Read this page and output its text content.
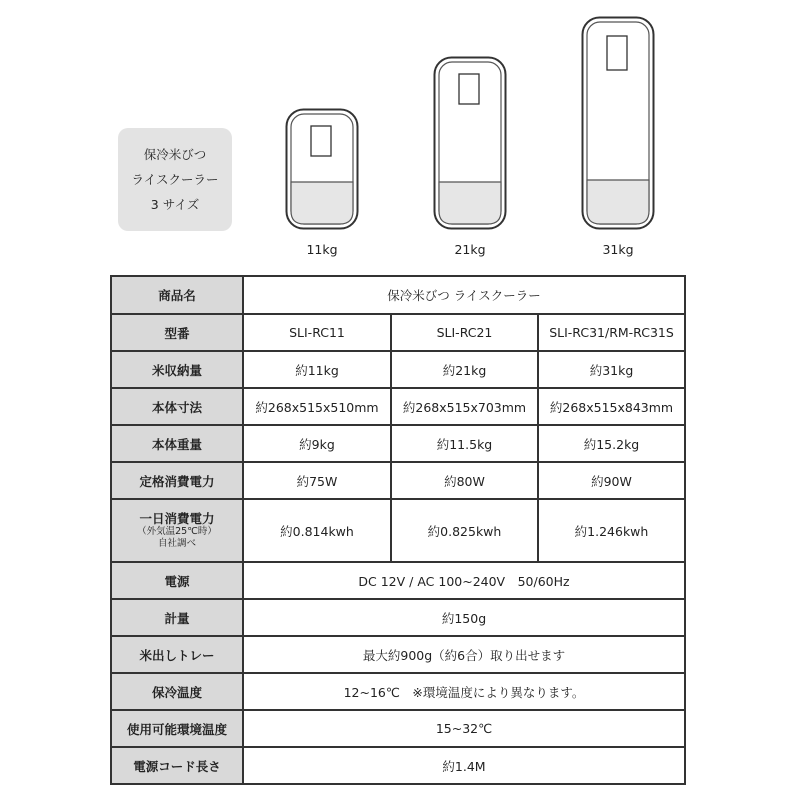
保冷米びつ
ライスクーラー
3 サイズ
11kg	21kg	31kg
商品名	保冷米びつ ライスクーラー		
型番	SLI-RC11	SLI-RC21	SLI-RC31/RM-RC31S
米収納量	約11kg	約21kg	約31kg
本体寸法	約268x515x510mm	約268x515x703mm	約268x515x843mm
本体重量	約9kg	約11.5kg	約15.2kg
定格消費電力	約75W	約80W	約90W

一日消費電力
（外気温25℃時）
自社調べ	約0.814kwh	約0.825kwh	約1.246kwh
電源	DC 12V / AC 100~240V　50/60Hz		
計量	約150g		
米出しトレー	最大約900g（約6合）取り出せます		
保冷温度	12~16℃　※環境温度により異なります。		
使用可能環境温度	15~32℃		
電源コード長さ	約1.4M		
